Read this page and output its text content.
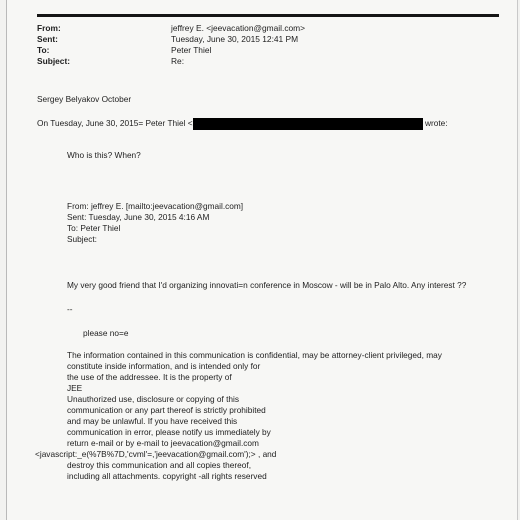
From:	jeffrey E. <jeevacation@gmail.com>
Sent:	Tuesday, June 30, 2015 12:41 PM
To:	Peter Thiel
Subject:	Re:
Sergey Belyakov October
On Tuesday, June 30, 2015= Peter Thiel <	wrote:
Who is this? When?
From: jeffrey E. [mailto:jeevacation@gmail.com]
Sent: Tuesday, June 30, 2015 4:16 AM
To: Peter Thiel
Subject:
My very good friend that I'd organizing innovati=n conference in Moscow - will be in Palo Alto. Any interest ??
--
please no=e
The information contained in this communication is confidential, may be attorney-client privileged, may
constitute inside information, and is intended only for
the use of the addressee. It is the property of
JEE
Unauthorized use, disclosure or copying of this
communication or any part thereof is strictly prohibited
and may be unlawful. If you have received this
communication in error, please notify us immediately by
return e-mail or by e-mail to jeevacation@gmail.com
<javascript:_e(%7B%7D,'cvml'=,'jeevacation@gmail.com');> , and
destroy this communication and all copies thereof,
including all attachments. copyright -all rights reserved
